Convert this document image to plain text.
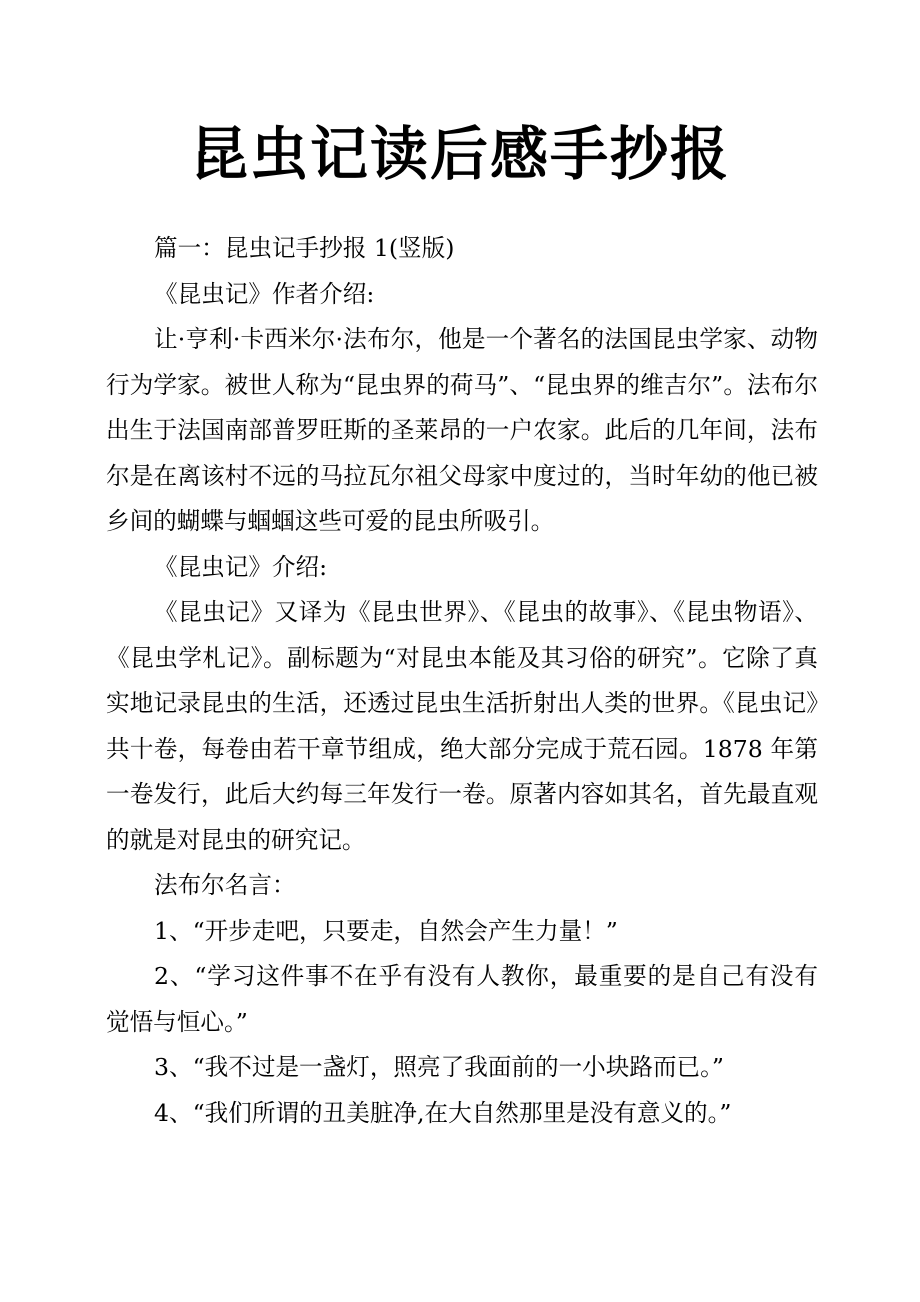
昆虫记读后感手抄报

篇一：昆虫记手抄报 1(竖版)

《昆虫记》作者介绍:

让·亨利·卡西米尔·法布尔，他是一个著名的法国昆虫学家、动物行为学家。被世人称为“昆虫界的荷马”、“昆虫界的维吉尔”。法布尔出生于法国南部普罗旺斯的圣莱昂的一户农家。此后的几年间，法布尔是在离该村不远的马拉瓦尔祖父母家中度过的，当时年幼的他已被乡间的蝴蝶与蝈蝈这些可爱的昆虫所吸引。

《昆虫记》介绍:

《昆虫记》又译为《昆虫世界》、《昆虫的故事》、《昆虫物语》、《昆虫学札记》。副标题为“对昆虫本能及其习俗的研究”。它除了真实地记录昆虫的生活，还透过昆虫生活折射出人类的世界。《昆虫记》共十卷，每卷由若干章节组成，绝大部分完成于荒石园。1878 年第一卷发行，此后大约每三年发行一卷。原著内容如其名，首先最直观的就是对昆虫的研究记。

法布尔名言：

1、“开步走吧，只要走，自然会产生力量！”

2、“学习这件事不在乎有没有人教你，最重要的是自己有没有觉悟与恒心。”

3、“我不过是一盏灯，照亮了我面前的一小块路而已。”

4、“我们所谓的丑美脏净,在大自然那里是没有意义的。”
